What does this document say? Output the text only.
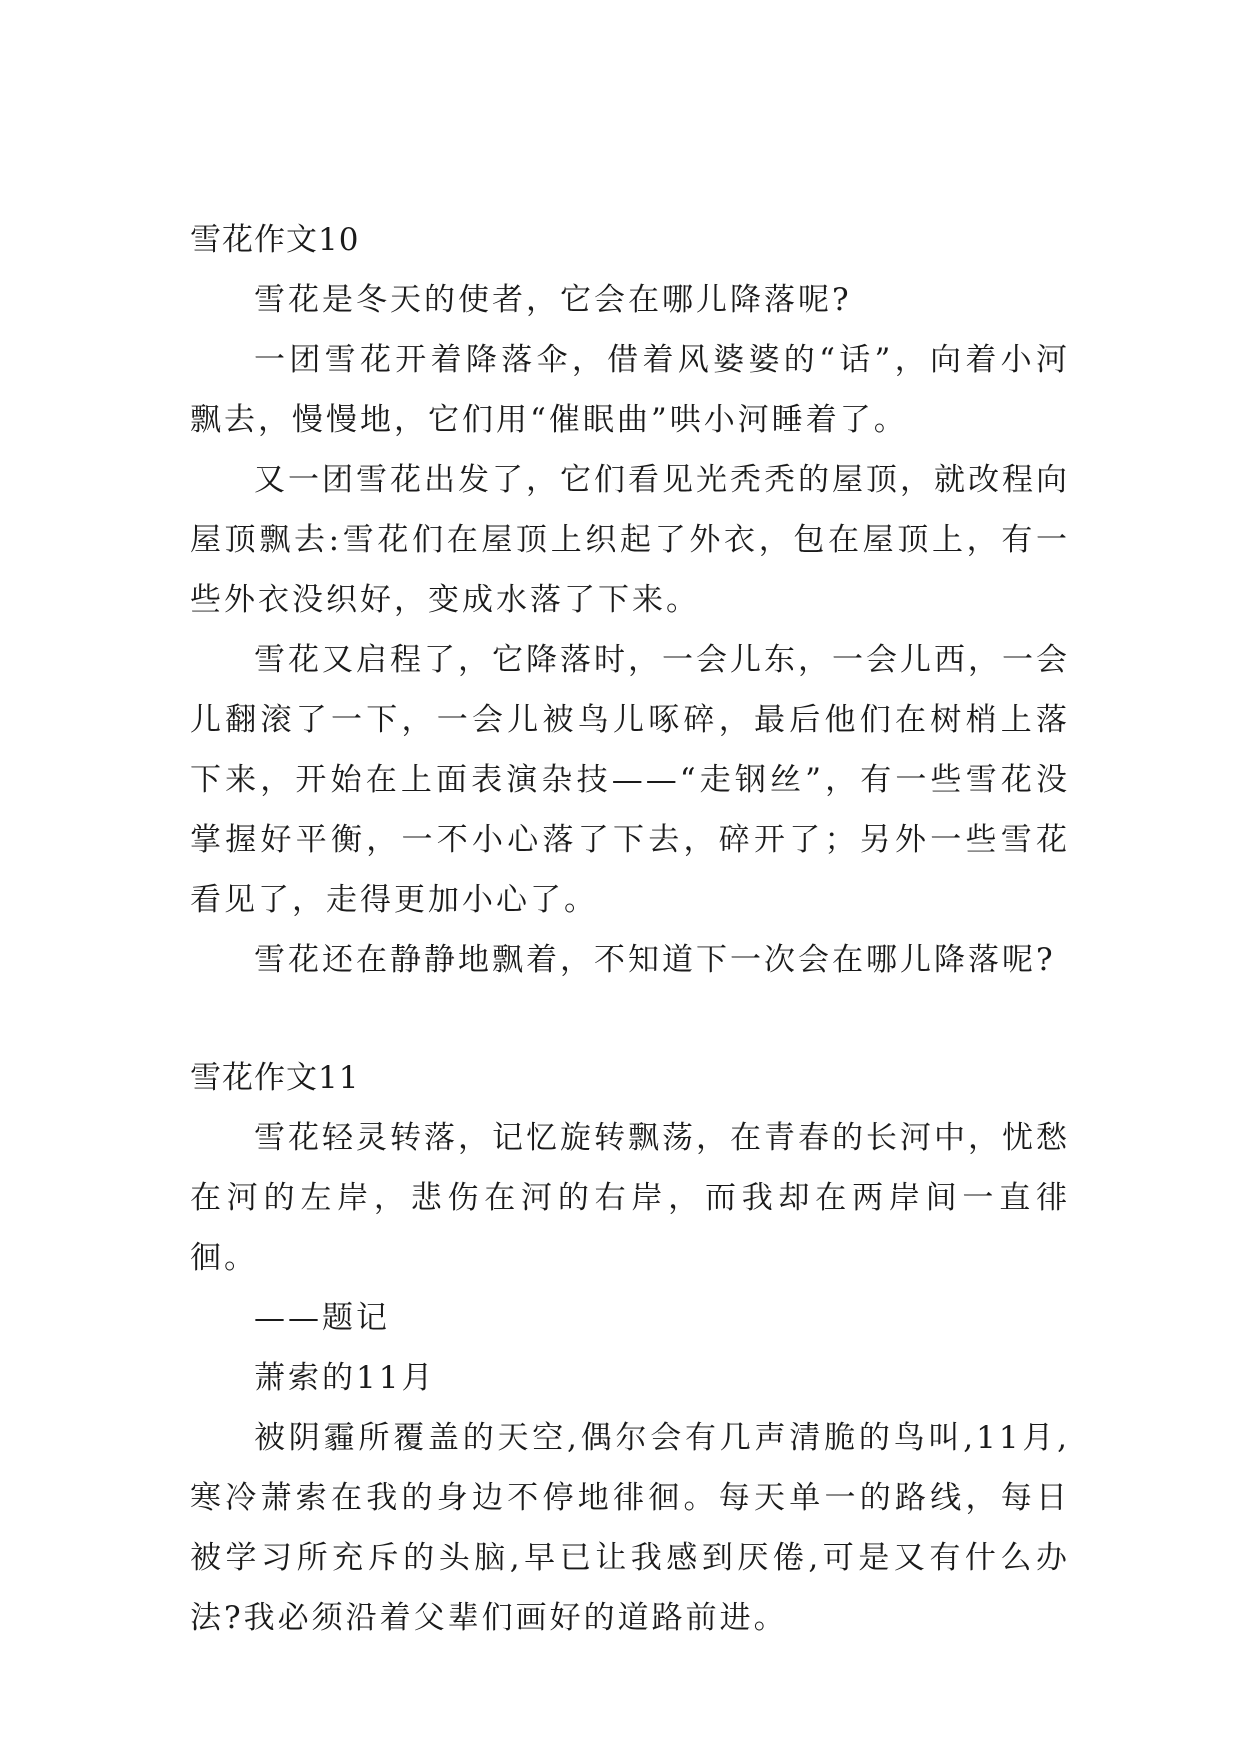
雪花作文10

雪花是冬天的使者，它会在哪儿降落呢?

一团雪花开着降落伞，借着风婆婆的“话”，向着小河飘去，慢慢地，它们用“催眠曲”哄小河睡着了。

又一团雪花出发了，它们看见光秃秃的屋顶，就改程向屋顶飘去:雪花们在屋顶上织起了外衣，包在屋顶上，有一些外衣没织好，变成水落了下来。

雪花又启程了，它降落时，一会儿东，一会儿西，一会儿翻滚了一下，一会儿被鸟儿啄碎，最后他们在树梢上落下来，开始在上面表演杂技——“走钢丝”，有一些雪花没掌握好平衡，一不小心落了下去，碎开了；另外一些雪花看见了，走得更加小心了。

雪花还在静静地飘着，不知道下一次会在哪儿降落呢?

雪花作文11

雪花轻灵转落，记忆旋转飘荡，在青春的长河中，忧愁在河的左岸，悲伤在河的右岸，而我却在两岸间一直徘徊。

——题记

萧索的11月

被阴霾所覆盖的天空,偶尔会有几声清脆的鸟叫,11月,寒冷萧索在我的身边不停地徘徊。每天单一的路线，每日被学习所充斥的头脑,早已让我感到厌倦,可是又有什么办法?我必须沿着父辈们画好的道路前进。
